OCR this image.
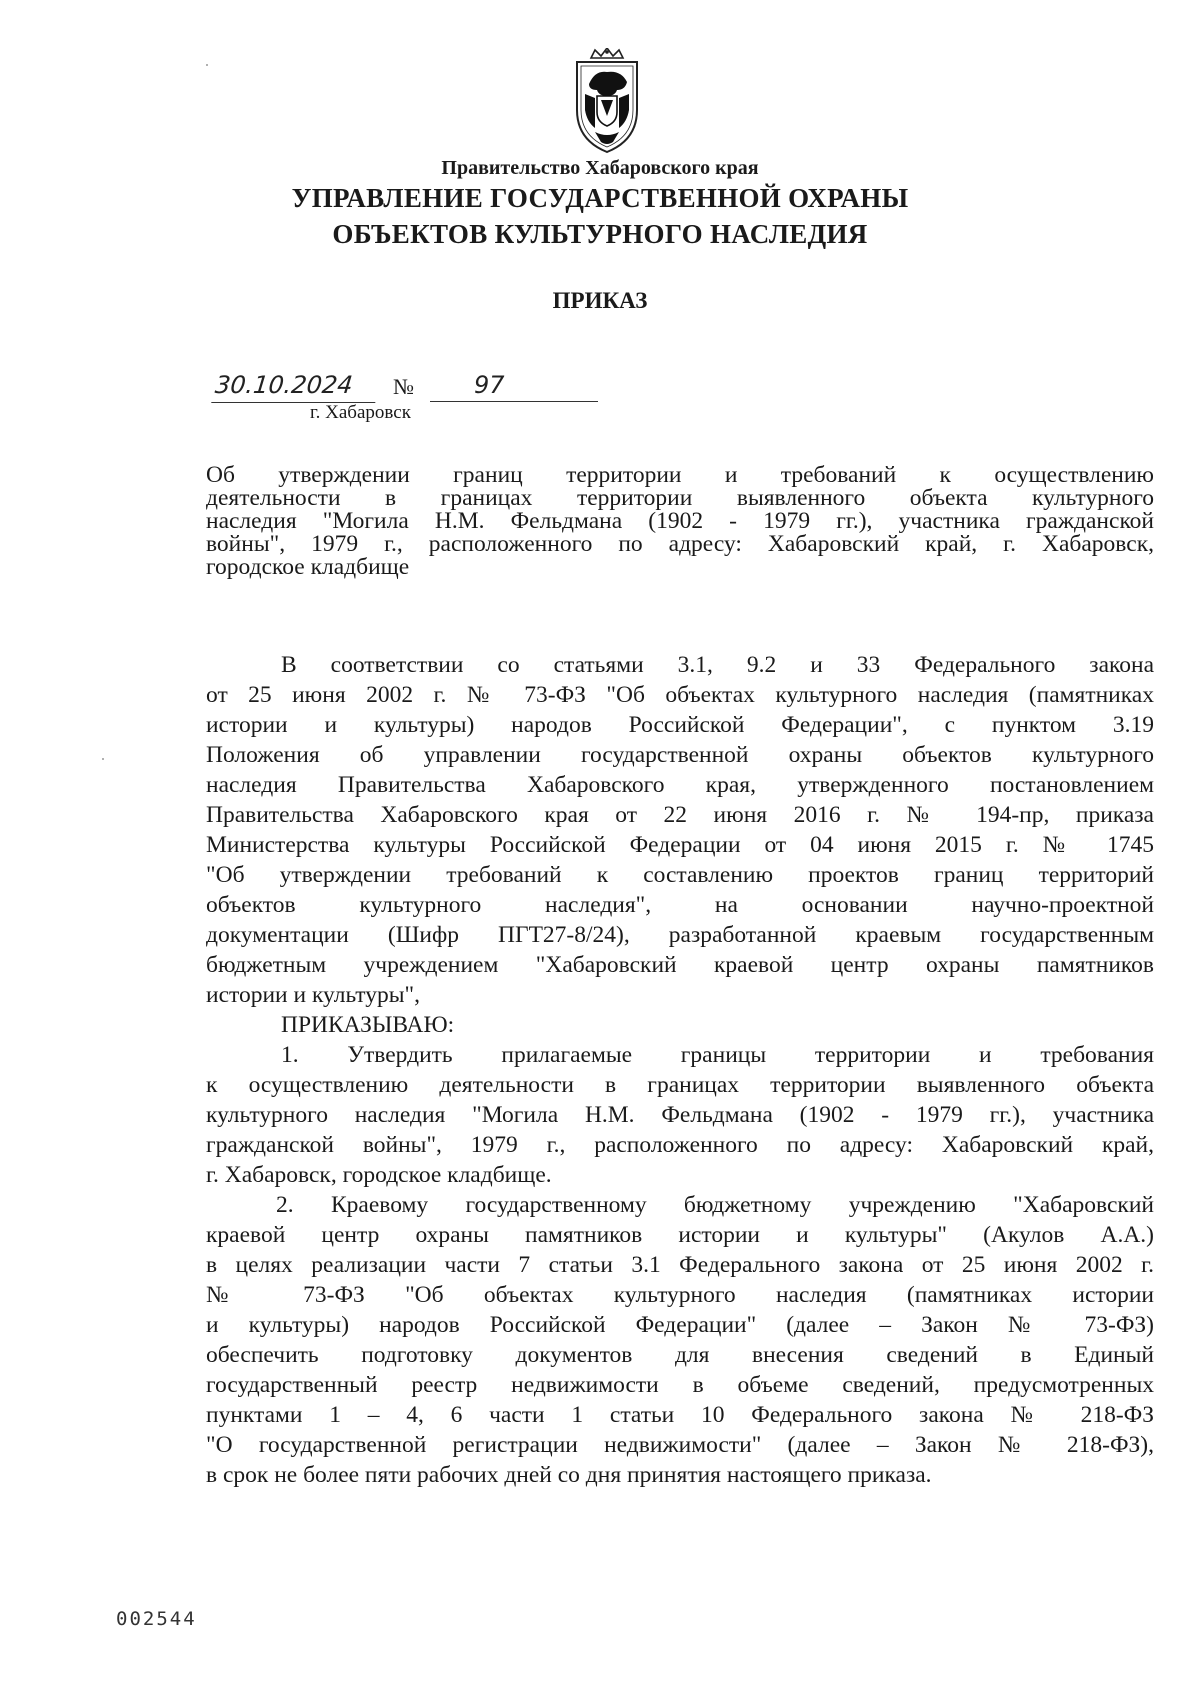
Правительство Хабаровского края
УПРАВЛЕНИЕ ГОСУДАРСТВЕННОЙ ОХРАНЫ
ОБЪЕКТОВ КУЛЬТУРНОГО НАСЛЕДИЯ
ПРИКАЗ
30.10.2024	№	97
г. Хабаровск
Об утверждении границ территории и требований к осуществлению
деятельности в границах территории выявленного объекта культурного
наследия "Могила Н.М. Фельдмана (1902 - 1979 гг.), участника гражданской
войны", 1979 г., расположенного по адресу: Хабаровский край, г. Хабаровск,
городское кладбище
В соответствии со статьями 3.1, 9.2 и 33 Федерального закона
от 25 июня 2002 г. № 73-ФЗ "Об объектах культурного наследия (памятниках
истории и культуры) народов Российской Федерации", с пунктом 3.19
Положения об управлении государственной охраны объектов культурного
наследия Правительства Хабаровского края, утвержденного постановлением
Правительства Хабаровского края от 22 июня 2016 г. № 194-пр, приказа
Министерства культуры Российской Федерации от 04 июня 2015 г. № 1745
"Об утверждении требований к составлению проектов границ территорий
объектов культурного наследия", на основании научно-проектной
документации (Шифр ПГТ27-8/24), разработанной краевым государственным
бюджетным учреждением "Хабаровский краевой центр охраны памятников
истории и культуры",
ПРИКАЗЫВАЮ:
1. Утвердить прилагаемые границы территории и требования
к осуществлению деятельности в границах территории выявленного объекта
культурного наследия "Могила Н.М. Фельдмана (1902 - 1979 гг.), участника
гражданской войны", 1979 г., расположенного по адресу: Хабаровский край,
г. Хабаровск, городское кладбище.
2. Краевому государственному бюджетному учреждению "Хабаровский
краевой центр охраны памятников истории и культуры" (Акулов А.А.)
в целях реализации части 7 статьи 3.1 Федерального закона от 25 июня 2002 г.
№ 73-ФЗ "Об объектах культурного наследия (памятниках истории
и культуры) народов Российской Федерации" (далее – Закон № 73-ФЗ)
обеспечить подготовку документов для внесения сведений в Единый
государственный реестр недвижимости в объеме сведений, предусмотренных
пунктами 1 – 4, 6 части 1 статьи 10 Федерального закона № 218-ФЗ
"О государственной регистрации недвижимости" (далее – Закон № 218-ФЗ),
в срок не более пяти рабочих дней со дня принятия настоящего приказа.
002544
